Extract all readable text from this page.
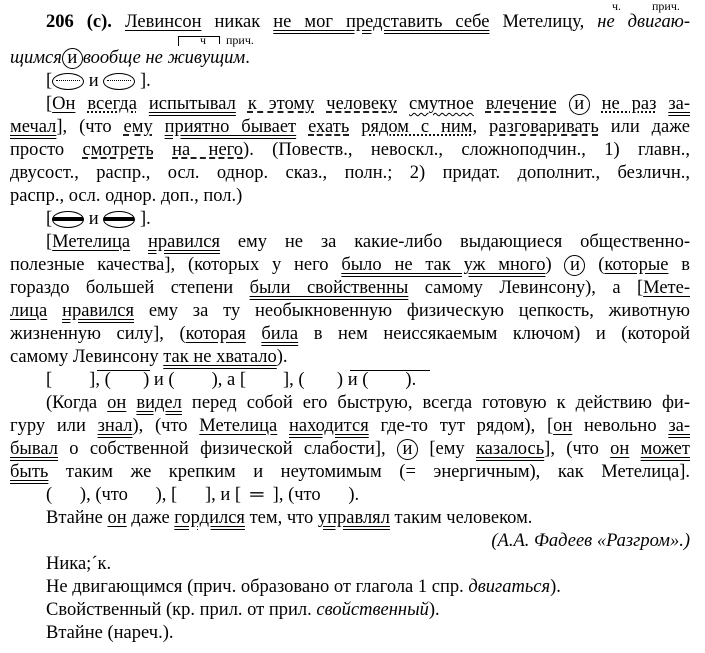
ч.	прич.
ч прич.
206 (с). Левинсон никак не мог представить себе Метелицу, не двигаю-
щимся и вообще не живущим.
[ и  ].
[Он всегда испытывал к этому человеку смутное влечение и не раз за-
мечал], (что ему приятно бывает ехать рядом с ним, разговаривать или даже
просто смотреть на него). (Повеств., невоскл., сложноподчин., 1) главн.,
двусост., распр., осл. однор. сказ., полн.; 2) придат. дополнит., безличн.,
распр., осл. однор. доп., пол.)
[ и  ].
[Метелица нравился ему не за какие-либо выдающиеся общественно-
полезные качества], (которых у него было не так уж много) и (которые в
гораздо большей степени были свойственны самому Левинсону), а [Мете-
лица нравился ему за ту необыкновенную физическую цепкость, животную
жизненную силу], (которая била в нем неиссякаемым ключом) и (которой
самому Левинсону так не хватало).
[        ], (       ) и (        ), а [        ], (       ) и (        ).
(Когда он видел перед собой его быструю, всегда готовую к действию фи-
гуру или знал), (что Метелица находится где-то тут рядом), [он невольно за-
бывал о собственной физической слабости], и [ему казалось], (что он может
быть таким же крепким и неутомимым (= энергичным), как Метелица].
(      ), (что      ), [      ], и [  ═  ], (что      ).
Втайне он даже гордился тем, что управлял таким человеком.
(А.А. Фадеев «Разгром».)
Ника;´к.
Не двигающимся (прич. образовано от глагола 1 спр. двигаться).
Свойственный (кр. прил. от прил. свойственный).
Втайне (нареч.).
